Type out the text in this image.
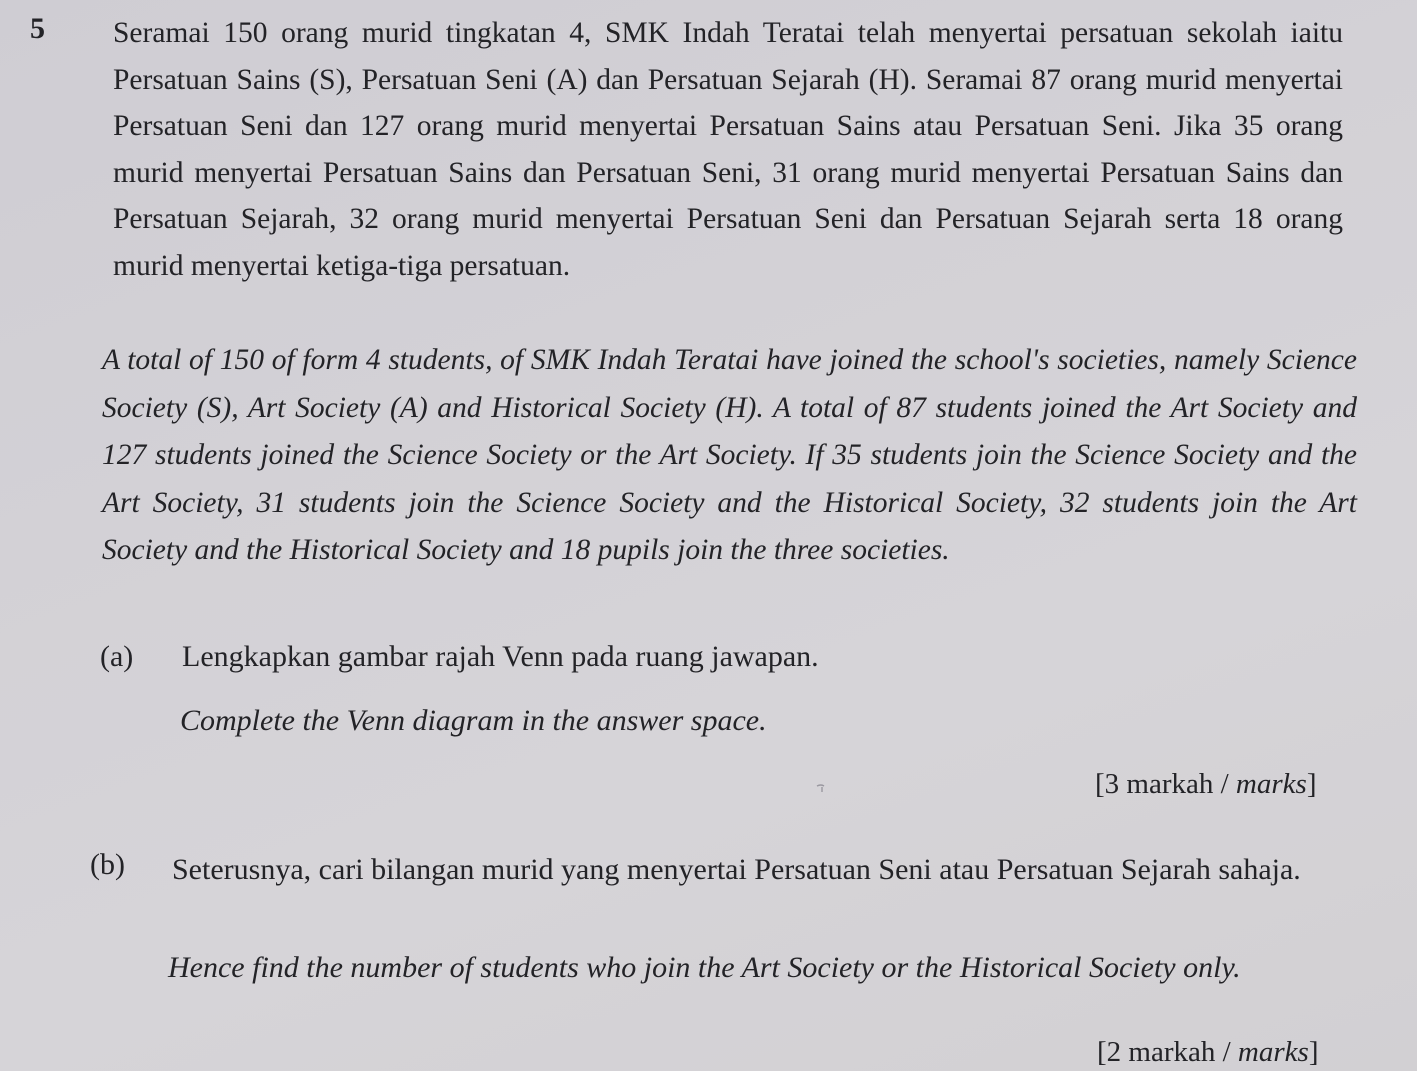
5 Seramai 150 orang murid tingkatan 4, SMK Indah Teratai telah menyertai persatuan sekolah iaitu Persatuan Sains (S), Persatuan Seni (A) dan Persatuan Sejarah (H). Seramai 87 orang murid menyertai Persatuan Seni dan 127 orang murid menyertai Persatuan Sains atau Persatuan Seni. Jika 35 orang murid menyertai Persatuan Sains dan Persatuan Seni, 31 orang murid menyertai Persatuan Sains dan Persatuan Sejarah, 32 orang murid menyertai Persatuan Seni dan Persatuan Sejarah serta 18 orang murid menyertai ketiga-tiga persatuan.

A total of 150 of form 4 students, of SMK Indah Teratai have joined the school's societies, namely Science Society (S), Art Society (A) and Historical Society (H). A total of 87 students joined the Art Society and 127 students joined the Science Society or the Art Society. If 35 students join the Science Society and the Art Society, 31 students join the Science Society and the Historical Society, 32 students join the Art Society and the Historical Society and 18 pupils join the three societies.

(a) Lengkapkan gambar rajah Venn pada ruang jawapan.
Complete the Venn diagram in the answer space.
[3 markah / marks]
(b) Seterusnya, cari bilangan murid yang menyertai Persatuan Seni atau Persatuan Sejarah sahaja.
Hence find the number of students who join the Art Society or the Historical Society only.
[2 markah / marks]
